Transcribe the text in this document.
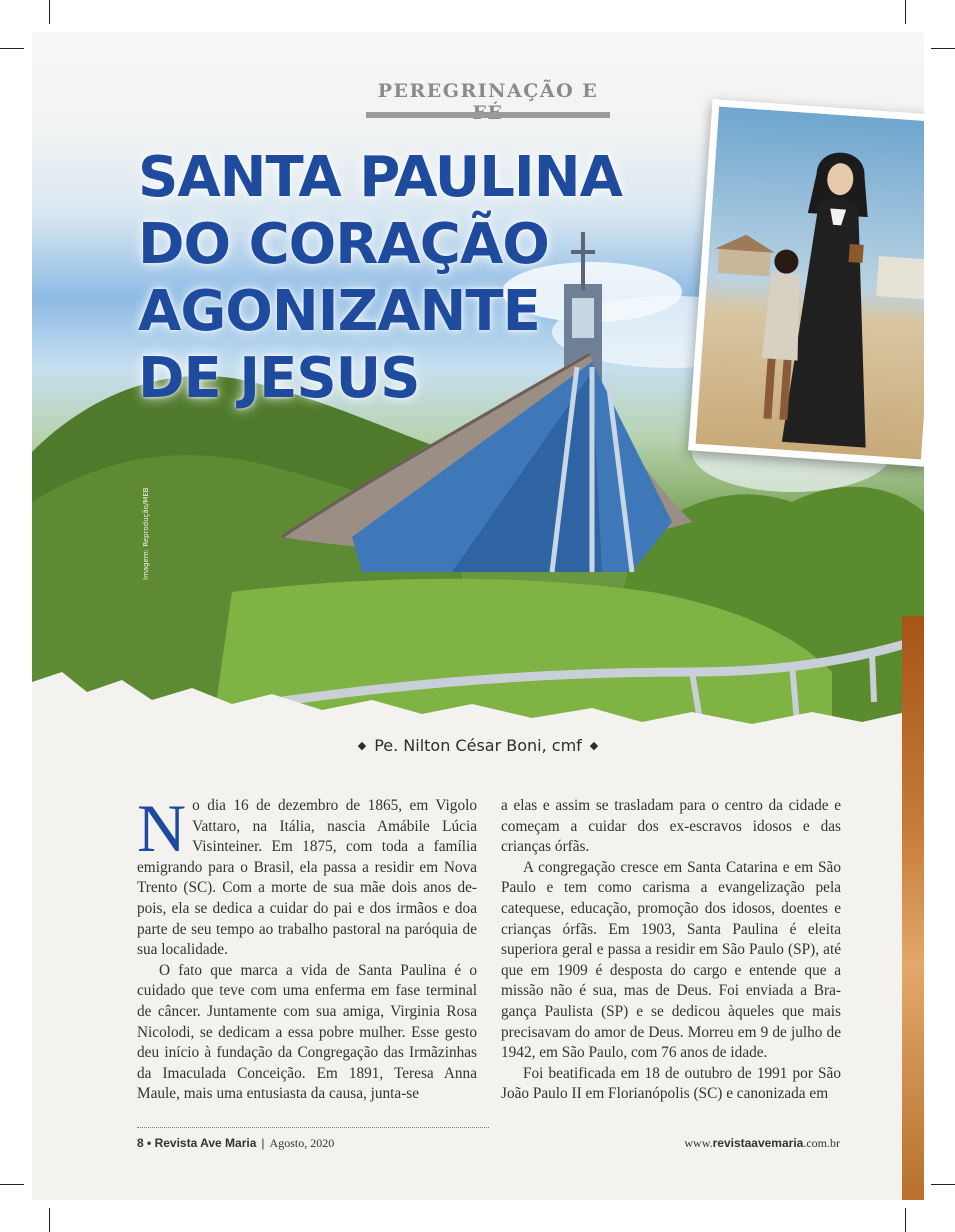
PEREGRINAÇÃO E
SANTA PAULINA
DO CORAÇÃO
AGONIZANTE
DE JESUS
Imagem: Reprodução/MEB
◆ Pe. Nilton César Boni, cmf ◆

No dia 16 de dezembro de 1865, em Vigolo Vattaro, na Itália, nascia Amábile Lúcia Visinteiner. Em 1875, com toda a família emigrando para o Brasil, ela passa a residir em Nova Trento (SC). Com a morte de sua mãe dois anos depois, ela se dedica a cuidar do pai e dos irmãos e doa parte de seu tempo ao trabalho pastoral na paróquia de sua localidade.

O fato que marca a vida de Santa Paulina é o cuidado que teve com uma enferma em fase terminal de câncer. Juntamente com sua amiga, Virginia Rosa Nicolodi, se dedicam a essa pobre mulher. Esse gesto deu início à fundação da Congregação das Irmãzinhas da Imaculada Conceição. Em 1891, Teresa Anna Maule, mais uma entusiasta da causa, junta-se

a elas e assim se trasladam para o centro da cidade e começam a cuidar dos ex-escravos idosos e das crianças órfãs.

A congregação cresce em Santa Catarina e em São Paulo e tem como carisma a evangelização pela catequese, educação, promoção dos idosos, doentes e crianças órfãs. Em 1903, Santa Paulina é eleita superiora geral e passa a residir em São Paulo (SP), até que em 1909 é desposta do cargo e entende que a missão não é sua, mas de Deus. Foi enviada a Bragança Paulista (SP) e se dedicou àqueles que mais precisavam do amor de Deus. Morreu em 9 de julho de 1942, em São Paulo, com 76 anos de idade.

Foi beatificada em 18 de outubro de 1991 por São João Paulo II em Florianópolis (SC) e canonizada em

8 • Revista Ave Maria | Agosto, 2020	www.revistaavemaria.com.br
